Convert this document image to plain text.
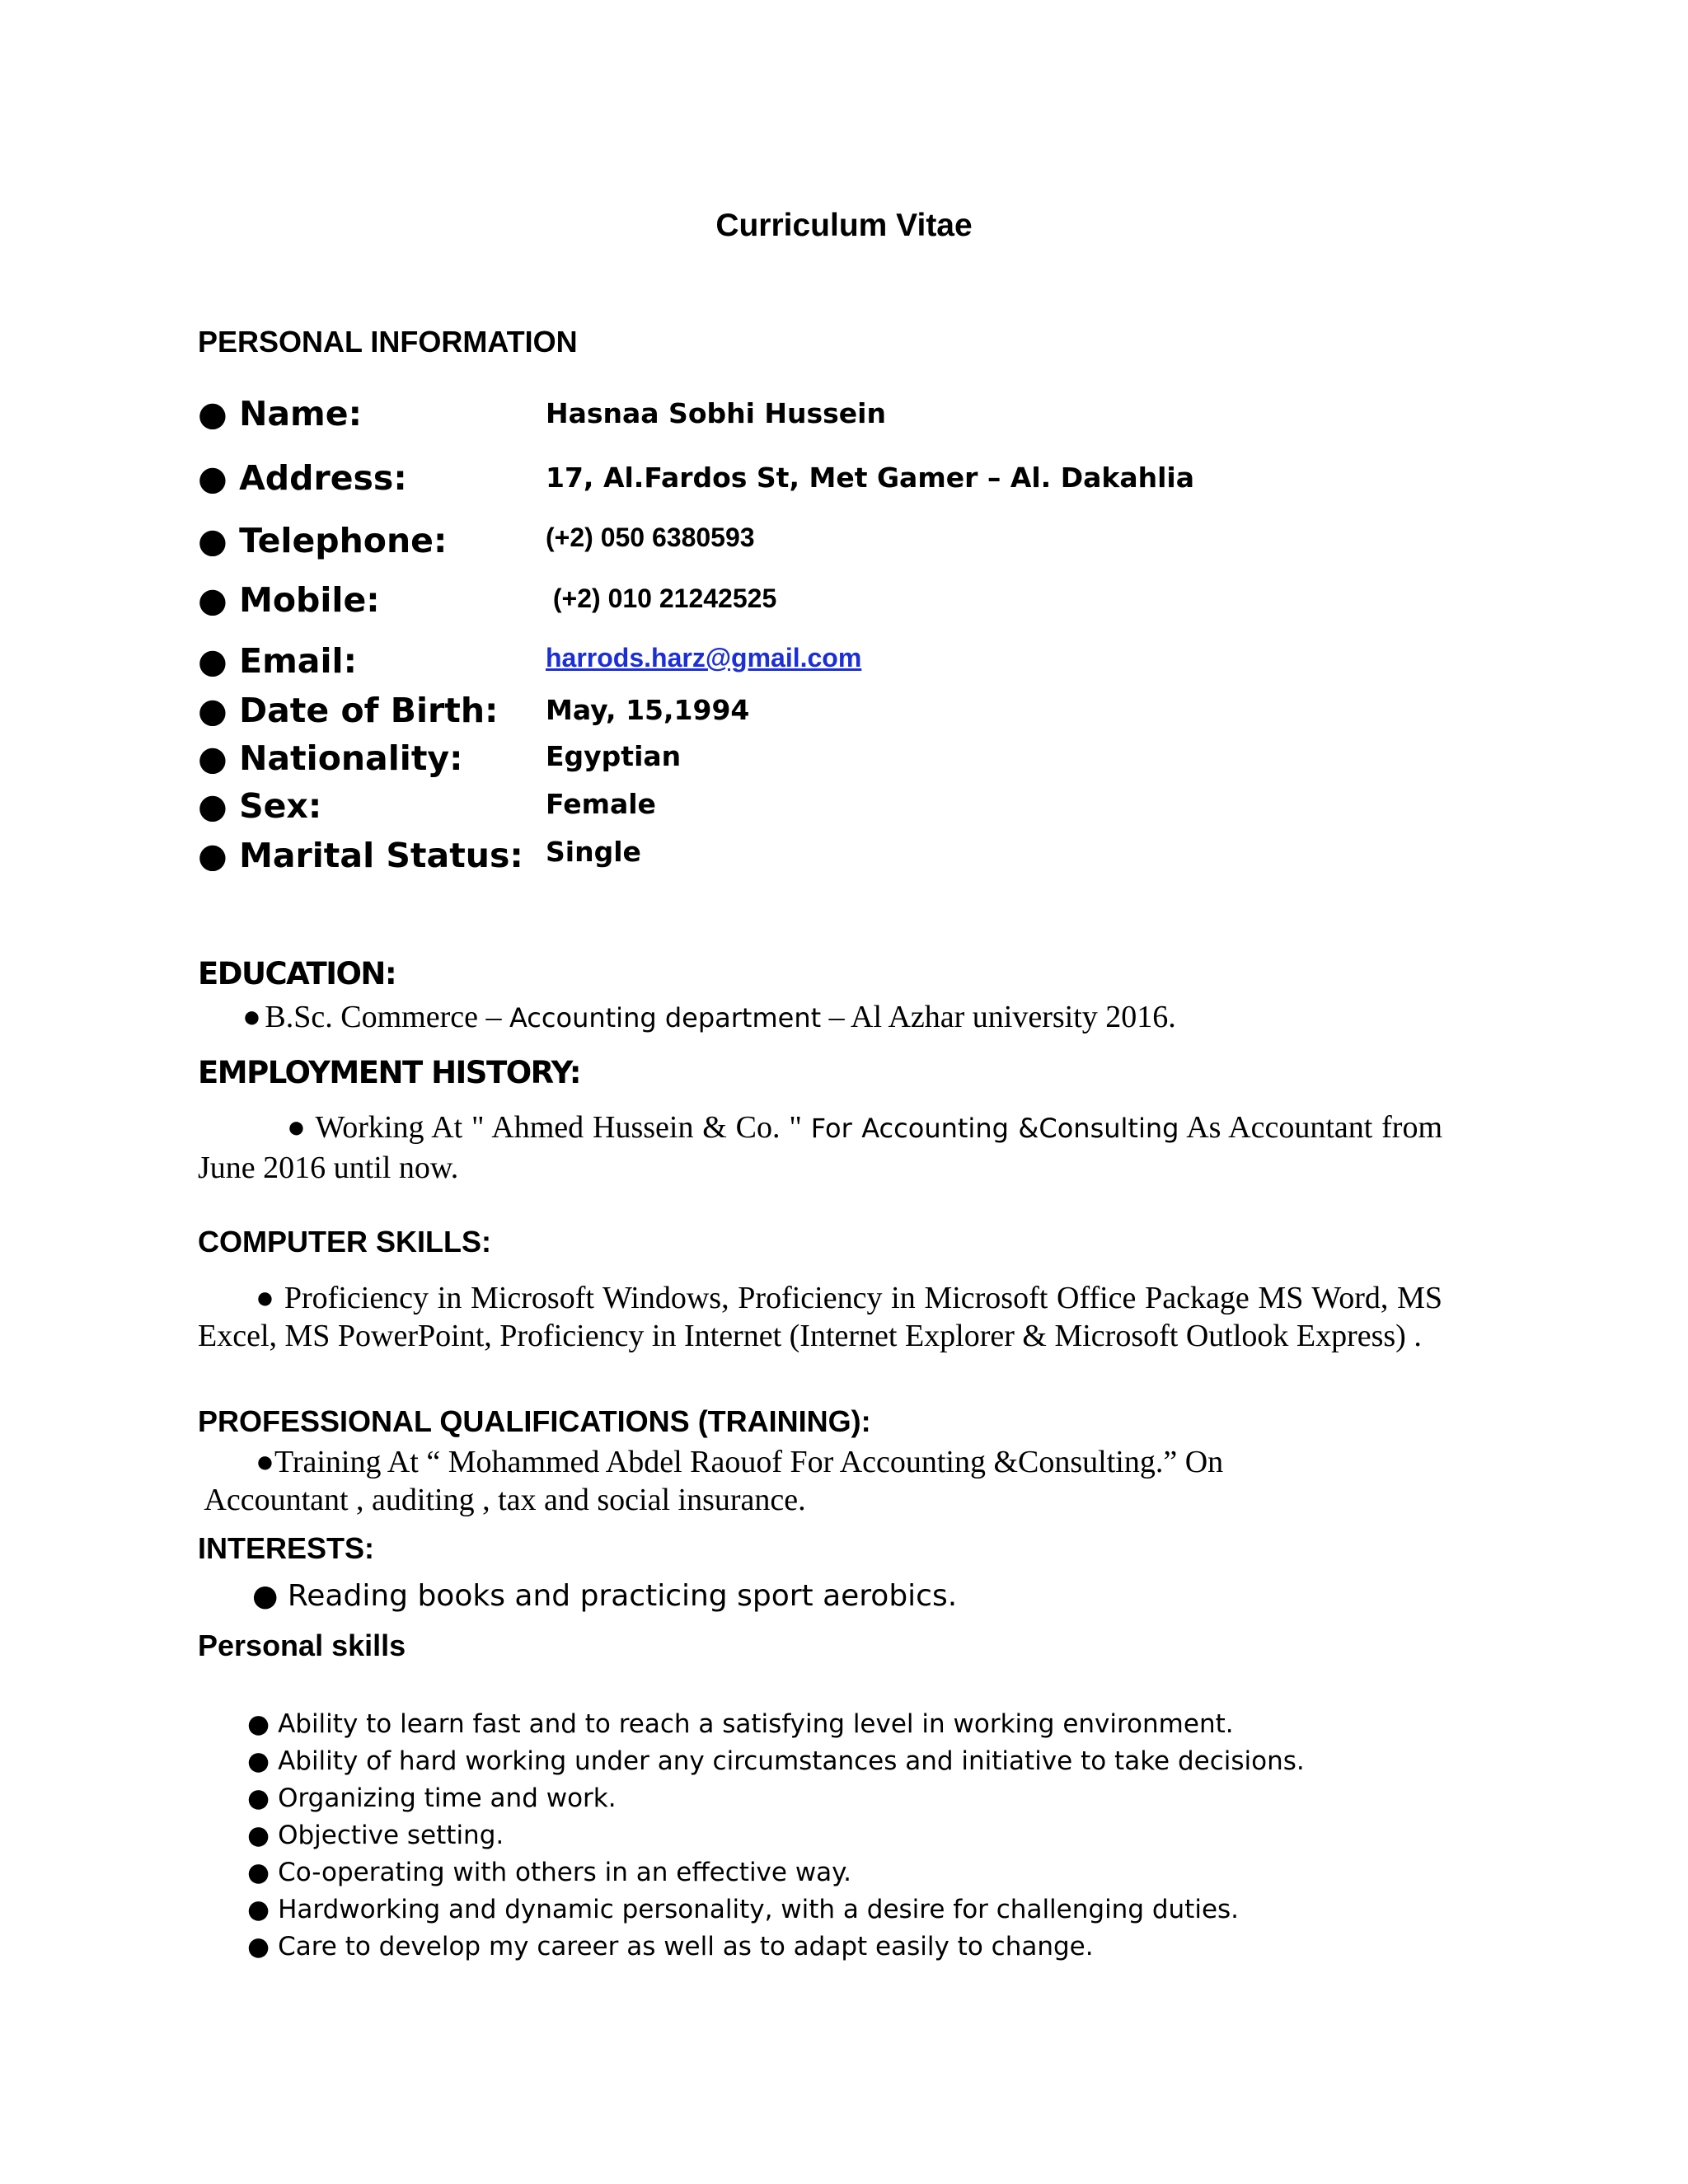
Curriculum Vitae
PERSONAL INFORMATION
● Name:	Hasnaa Sobhi Hussein
● Address:	17, Al.Fardos St, Met Gamer – Al. Dakahlia
● Telephone:	(+2) 050 6380593
● Mobile:	(+2) 010 21242525
● Email:	harrods.harz@gmail.com
● Date of Birth: May, 15,1994
● Nationality:	Egyptian
● Sex:	Female
● Marital Status: Single
EDUCATION:
● B.Sc. Commerce – Accounting department – Al Azhar university 2016.
EMPLOYMENT HISTORY:
● Working At " Ahmed Hussein & Co. " For Accounting &Consulting As Accountant from June 2016 until now.
COMPUTER SKILLS:
● Proficiency in Microsoft Windows, Proficiency in Microsoft Office Package MS Word, MS Excel, MS PowerPoint, Proficiency in Internet (Internet Explorer & Microsoft Outlook Express) .
PROFESSIONAL QUALIFICATIONS (TRAINING):
●Training At “ Mohammed Abdel Raouof For Accounting &Consulting.” On
Accountant , auditing , tax and social insurance.
INTERESTS:
● Reading books and practicing sport aerobics.
Personal skills
● Ability to learn fast and to reach a satisfying level in working environment.
● Ability of hard working under any circumstances and initiative to take decisions.
● Organizing time and work.
● Objective setting.
● Co-operating with others in an effective way.
● Hardworking and dynamic personality, with a desire for challenging duties.
● Care to develop my career as well as to adapt easily to change.
